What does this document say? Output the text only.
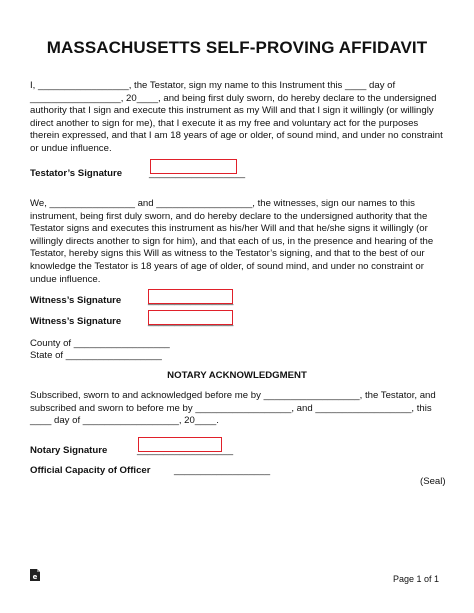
MASSACHUSETTS SELF-PROVING AFFIDAVIT
I, _________________, the Testator, sign my name to this Instrument this ____ day of _________________, 20____, and being first duly sworn, do hereby declare to the undersigned authority that I sign and execute this instrument as my Will and that I sign it willingly (or willingly direct another to sign for me), that I execute it as my free and voluntary act for the purposes therein expressed, and that I am 18 years of age or older, of sound mind, and under no constraint or undue influence.
Testator’s Signature	__________________
We, ________________ and __________________, the witnesses, sign our names to this instrument, being first duly sworn, and do hereby declare to the undersigned authority that the Testator signs and executes this instrument as his/her Will and that he/she signs it willingly (or willingly directs another to sign for him), and that each of us, in the presence and hearing of the Testator, hereby signs this Will as witness to the Testator’s signing, and that to the best of our knowledge the Testator is 18 years of age of older, of sound mind, and under no constraint or undue influence.
Witness’s Signature	________________
Witness’s Signature	________________
County of __________________
State of __________________
NOTARY ACKNOWLEDGMENT
Subscribed, sworn to and acknowledged before me by __________________, the Testator, and subscribed and sworn to before me by __________________, and __________________, this ____ day of __________________, 20____.
Notary Signature	__________________
Official Capacity of Officer __________________
(Seal)
e	Page 1 of 1
